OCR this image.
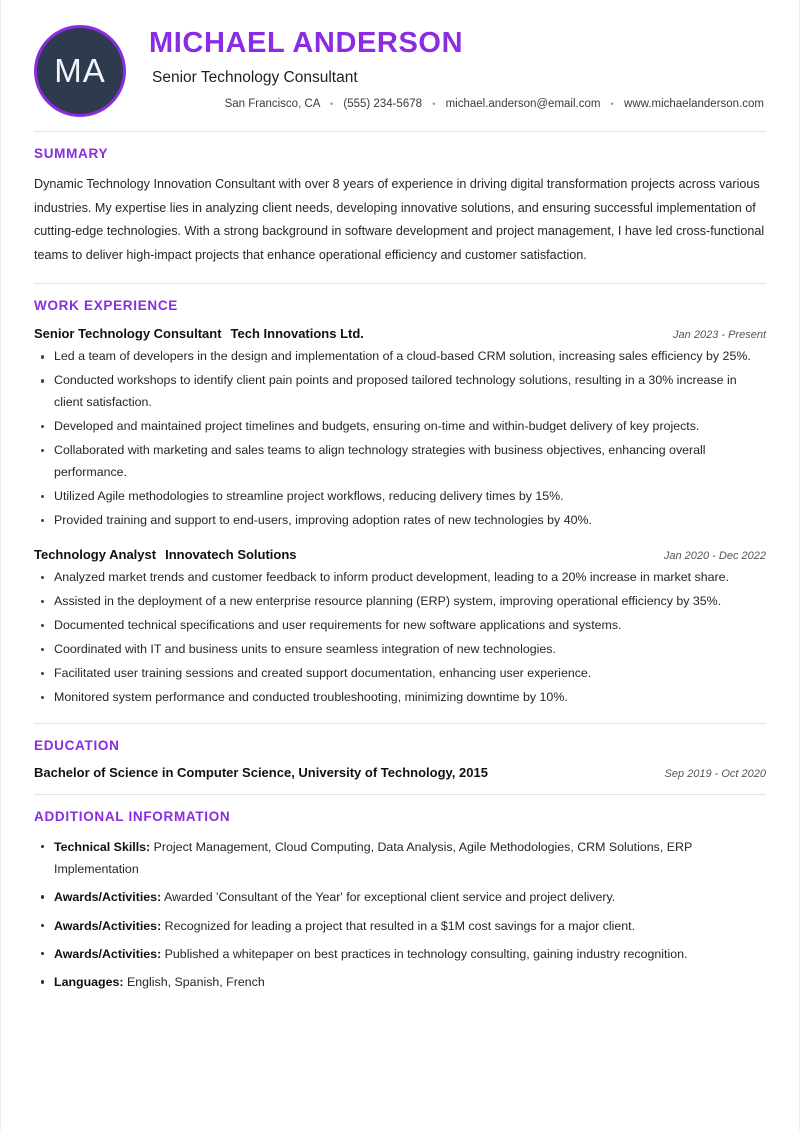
MA
MICHAEL ANDERSON
Senior Technology Consultant
San Francisco, CA • (555) 234-5678 • michael.anderson@email.com • www.michaelanderson.com
SUMMARY

Dynamic Technology Innovation Consultant with over 8 years of experience in driving digital transformation projects across various industries. My expertise lies in analyzing client needs, developing innovative solutions, and ensuring successful implementation of cutting-edge technologies. With a strong background in software development and project management, I have led cross-functional teams to deliver high-impact projects that enhance operational efficiency and customer satisfaction.

WORK EXPERIENCE
Senior Technology Consultant Tech Innovations Ltd.	Jan 2023 - Present
Led a team of developers in the design and implementation of a cloud-based CRM solution, increasing sales efficiency by 25%.
Conducted workshops to identify client pain points and proposed tailored technology solutions, resulting in a 30% increase in client satisfaction.
Developed and maintained project timelines and budgets, ensuring on-time and within-budget delivery of key projects.
Collaborated with marketing and sales teams to align technology strategies with business objectives, enhancing overall performance.
Utilized Agile methodologies to streamline project workflows, reducing delivery times by 15%.
Provided training and support to end-users, improving adoption rates of new technologies by 40%.
Technology Analyst Innovatech Solutions	Jan 2020 - Dec 2022
Analyzed market trends and customer feedback to inform product development, leading to a 20% increase in market share.
Assisted in the deployment of a new enterprise resource planning (ERP) system, improving operational efficiency by 35%.
Documented technical specifications and user requirements for new software applications and systems.
Coordinated with IT and business units to ensure seamless integration of new technologies.
Facilitated user training sessions and created support documentation, enhancing user experience.
Monitored system performance and conducted troubleshooting, minimizing downtime by 10%.
EDUCATION
Bachelor of Science in Computer Science, University of Technology, 2015	Sep 2019 - Oct 2020
ADDITIONAL INFORMATION
Technical Skills: Project Management, Cloud Computing, Data Analysis, Agile Methodologies, CRM Solutions, ERP Implementation
Awards/Activities: Awarded 'Consultant of the Year' for exceptional client service and project delivery.
Awards/Activities: Recognized for leading a project that resulted in a $1M cost savings for a major client.
Awards/Activities: Published a whitepaper on best practices in technology consulting, gaining industry recognition.
Languages: English, Spanish, French
